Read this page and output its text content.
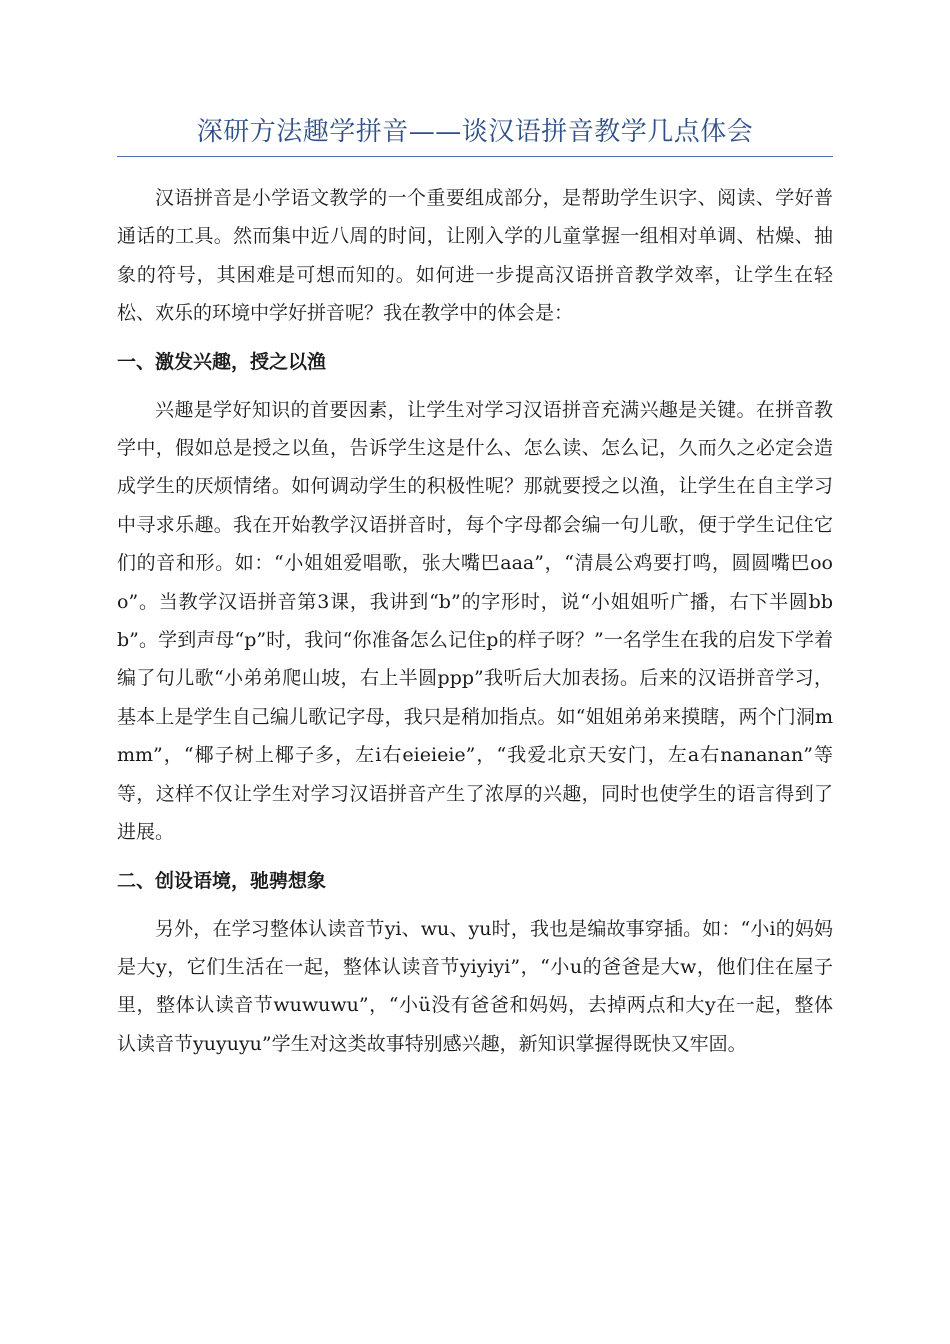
深研方法趣学拼音——谈汉语拼音教学几点体会

汉语拼音是小学语文教学的一个重要组成部分，是帮助学生识字、阅读、学好普通话的工具。然而集中近八周的时间，让刚入学的儿童掌握一组相对单调、枯燥、抽象的符号，其困难是可想而知的。如何进一步提高汉语拼音教学效率，让学生在轻松、欢乐的环境中学好拼音呢？我在教学中的体会是：

一、激发兴趣，授之以渔

兴趣是学好知识的首要因素，让学生对学习汉语拼音充满兴趣是关键。在拼音教学中，假如总是授之以鱼，告诉学生这是什么、怎么读、怎么记，久而久之必定会造成学生的厌烦情绪。如何调动学生的积极性呢？那就要授之以渔，让学生在自主学习中寻求乐趣。我在开始教学汉语拼音时，每个字母都会编一句儿歌，便于学生记住它们的音和形。如：“小姐姐爱唱歌，张大嘴巴aaa”，“清晨公鸡要打鸣，圆圆嘴巴ooo”。当教学汉语拼音第3课，我讲到“b”的字形时，说“小姐姐听广播，右下半圆bbb”。学到声母“p”时，我问“你准备怎么记住p的样子呀？”一名学生在我的启发下学着编了句儿歌“小弟弟爬山坡，右上半圆ppp”我听后大加表扬。后来的汉语拼音学习，基本上是学生自己编儿歌记字母，我只是稍加指点。如“姐姐弟弟来摸瞎，两个门洞mmm”，“椰子树上椰子多，左i右eieieie”，“我爱北京天安门，左a右nananan”等等，这样不仅让学生对学习汉语拼音产生了浓厚的兴趣，同时也使学生的语言得到了进展。

二、创设语境，驰骋想象

另外，在学习整体认读音节yi、wu、yu时，我也是编故事穿插。如：“小i的妈妈是大y，它们生活在一起，整体认读音节yiyiyi”，“小u的爸爸是大w，他们住在屋子里，整体认读音节wuwuwu”，“小ü没有爸爸和妈妈，去掉两点和大y在一起，整体认读音节yuyuyu”学生对这类故事特别感兴趣，新知识掌握得既快又牢固。
